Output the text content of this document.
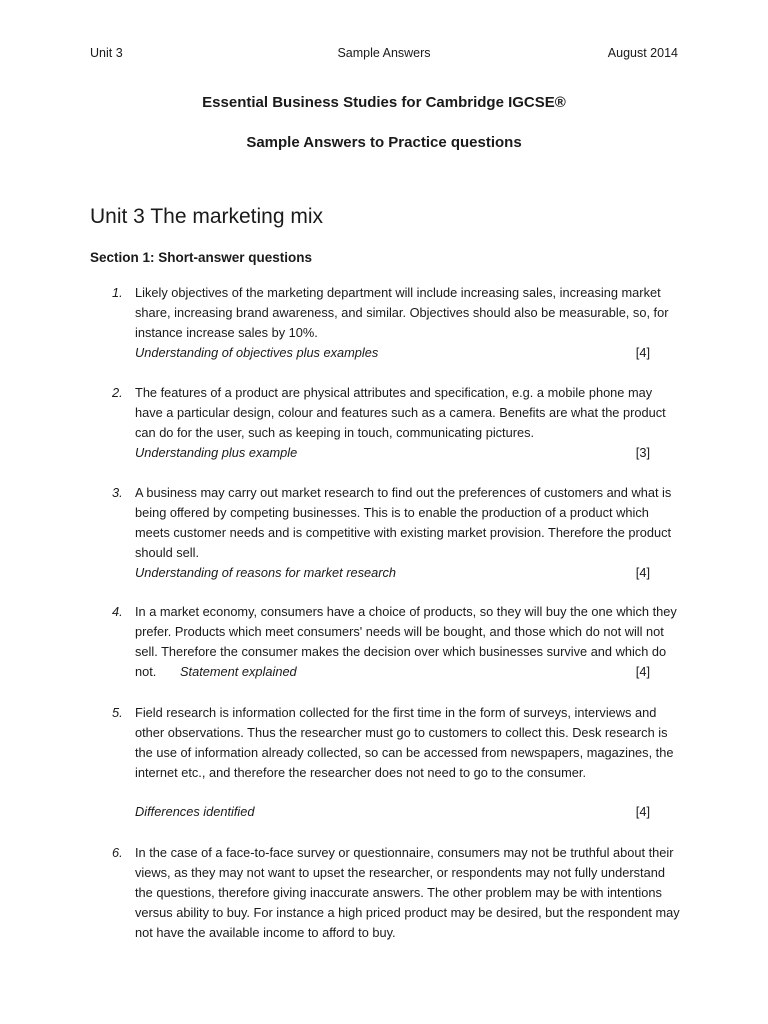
Unit 3	Sample Answers	August 2014
Essential Business Studies for Cambridge IGCSE®
Sample Answers to Practice questions
Unit 3 The marketing mix
Section 1: Short-answer questions
1. Likely objectives of the marketing department will include increasing sales, increasing market
share, increasing brand awareness, and similar. Objectives should also be measurable, so, for
instance increase sales by 10%.
Understanding of objectives plus examples	[4]
2. The features of a product are physical attributes and specification, e.g. a mobile phone may
have a particular design, colour and features such as a camera. Benefits are what the product
can do for the user, such as keeping in touch, communicating pictures.
Understanding plus example	[3]
3. A business may carry out market research to find out the preferences of customers and what is
being offered by competing businesses. This is to enable the production of a product which
meets customer needs and is competitive with existing market provision. Therefore the product
should sell.
Understanding of reasons for market research	[4]
4. In a market economy, consumers have a choice of products, so they will buy the one which they
prefer. Products which meet consumers' needs will be bought, and those which do not will not
sell. Therefore the consumer makes the decision over which businesses survive and which do
not. Statement explained	[4]
5. Field research is information collected for the first time in the form of surveys, interviews and
other observations. Thus the researcher must go to customers to collect this. Desk research is
the use of information already collected, so can be accessed from newspapers, magazines, the
internet etc., and therefore the researcher does not need to go to the consumer.
Differences identified	[4]
6. In the case of a face-to-face survey or questionnaire, consumers may not be truthful about their
views, as they may not want to upset the researcher, or respondents may not fully understand
the questions, therefore giving inaccurate answers. The other problem may be with intentions
versus ability to buy. For instance a high priced product may be desired, but the respondent may
not have the available income to afford to buy.
